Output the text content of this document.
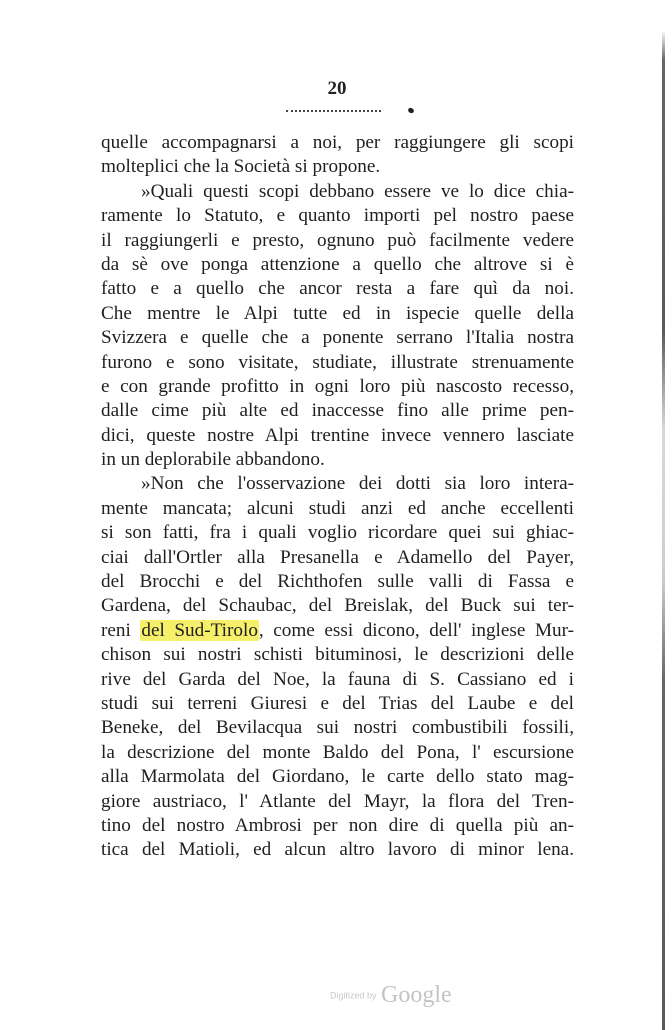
20
quelle accompagnarsi a noi, per raggiungere gli scopi
molteplici che la Società si propone.
»Quali questi scopi debbano essere ve lo dice chia-
ramente lo Statuto, e quanto importi pel nostro paese
il raggiungerli e presto, ognuno può facilmente vedere
da sè ove ponga attenzione a quello che altrove si è
fatto e a quello che ancor resta a fare quì da noi.
Che mentre le Alpi tutte ed in ispecie quelle della
Svizzera e quelle che a ponente serrano l'Italia nostra
furono e sono visitate, studiate, illustrate strenuamente
e con grande profitto in ogni loro più nascosto recesso,
dalle cime più alte ed inaccesse fino alle prime pen-
dici, queste nostre Alpi trentine invece vennero lasciate
in un deplorabile abbandono.
»Non che l'osservazione dei dotti sia loro intera-
mente mancata; alcuni studi anzi ed anche eccellenti
si son fatti, fra i quali voglio ricordare quei sui ghiac-
ciai dall'Ortler alla Presanella e Adamello del Payer,
del Brocchi e del Richthofen sulle valli di Fassa e
Gardena, del Schaubac, del Breislak, del Buck sui ter-
reni del Sud-Tirolo, come essi dicono, dell' inglese Mur-
chison sui nostri schisti bituminosi, le descrizioni delle
rive del Garda del Noe, la fauna di S. Cassiano ed i
studi sui terreni Giuresi e del Trias del Laube e del
Beneke, del Bevilacqua sui nostri combustibili fossili,
la descrizione del monte Baldo del Pona, l' escursione
alla Marmolata del Giordano, le carte dello stato mag-
giore austriaco, l' Atlante del Mayr, la flora del Tren-
tino del nostro Ambrosi per non dire di quella più an-
tica del Matioli, ed alcun altro lavoro di minor lena.
Digitized by Google
